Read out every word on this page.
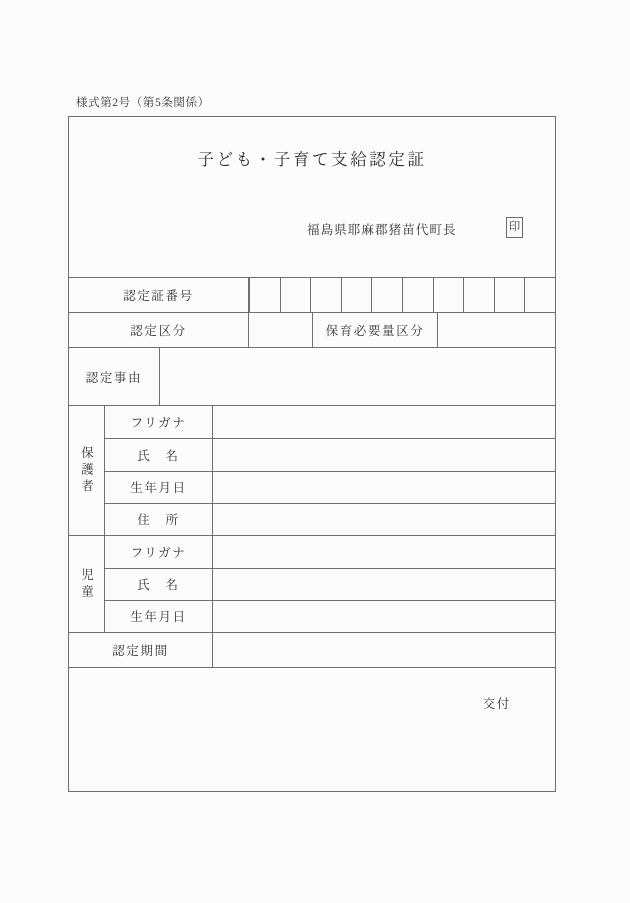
様式第2号（第5条関係）
子ども・子育て支給認定証
福島県耶麻郡猪苗代町長	印
認定証番号
認定区分	保育必要量区分
認定事由
保護者
フリガナ
氏　名
生年月日
住　所
児童
フリガナ
氏　名
生年月日
認定期間
交付
